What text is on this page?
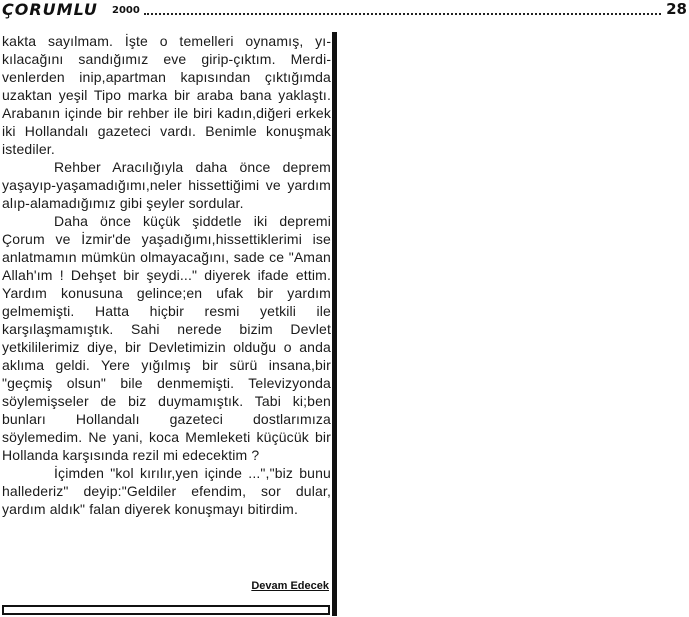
ÇORUMLU 2000	28

kakta sayılmam. İşte o temelleri oynamış, yıkılacağını sandığımız eve girip-çıktım. Merdivenlerden inip,apartman kapısından çıktığımda uzaktan yeşil Tipo marka bir araba bana yaklaştı. Arabanın içinde bir rehber ile biri kadın,diğeri erkek iki Hollandalı gazeteci vardı. Benimle konuşmak istediler.

Rehber Aracılığıyla daha önce deprem yaşayıp-yaşamadığımı,neler hissettiğimi ve yardım alıp-alamadığımız gibi şeyler sordular.

Daha önce küçük şiddetle iki depremi Çorum ve İzmir'de yaşadığımı,hissettiklerimi ise anlatmamın mümkün olmayacağını, sade ce "Aman Allah'ım ! Dehşet bir şeydi..." diyerek ifade ettim. Yardım konusuna gelince;en ufak bir yardım gelmemişti. Hatta hiçbir resmi yetkili ile karşılaşmamıştık. Sahi nerede bizim Devlet yetkililerimiz diye, bir Devletimizin olduğu o anda aklıma geldi. Yere yığılmış bir sürü insana,bir "geçmiş olsun" bile denmemişti. Televizyonda söylemişseler de biz duymamıştık. Tabi ki;ben bunları Hollandalı gazeteci dostlarımıza söylemedim. Ne yani, koca Memleketi küçücük bir Hollanda karşısında rezil mi edecektim ?

İçimden "kol kırılır,yen içinde ...","biz bunu hallederiz" deyip:"Geldiler efendim, sor dular, yardım aldık" falan diyerek konuşmayı bitirdim.

Devam Edecek
